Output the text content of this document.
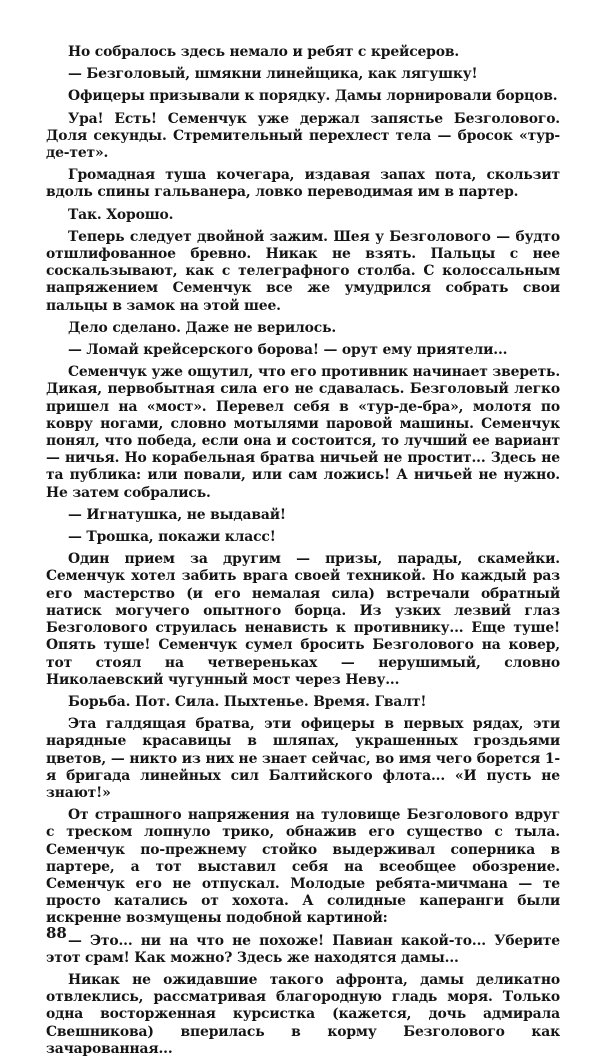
Но собралось здесь немало и ребят с крейсеров.

— Безголовый, шмякни линейщика, как лягушку!

Офицеры призывали к порядку. Дамы лорнировали борцов.

Ура! Есть! Семенчук уже держал запястье Безголового. Доля секунды. Стремительный перехлест тела — бросок «тур-де-тет».

Громадная туша кочегара, издавая запах пота, скользит вдоль спины гальванера, ловко переводимая им в партер.

Так. Хорошо.

Теперь следует двойной зажим. Шея у Безголового — будто отшлифованное бревно. Никак не взять. Пальцы с нее соскальзывают, как с телеграфного столба. С колоссальным напряжением Семенчук все же умудрился собрать свои пальцы в замок на этой шее.

Дело сделано. Даже не верилось.

— Ломай крейсерского борова! — орут ему приятели...

Семенчук уже ощутил, что его противник начинает звереть. Дикая, первобытная сила его не сдавалась. Безголовый легко пришел на «мост». Перевел себя в «тур-де-бра», молотя по ковру ногами, словно мотылями паровой машины. Семенчук понял, что победа, если она и состоится, то лучший ее вариант — ничья. Но корабельная братва ничьей не простит... Здесь не та публика: или повали, или сам ложись! А ничьей не нужно. Не затем собрались.

— Игнатушка, не выдавай!

— Трошка, покажи класс!

Один прием за другим — призы, парады, скамейки. Семенчук хотел забить врага своей техникой. Но каждый раз его мастерство (и его немалая сила) встречали обратный натиск могучего опытного борца. Из узких лезвий глаз Безголового струилась ненависть к противнику... Еще туше! Опять туше! Семенчук сумел бросить Безголового на ковер, тот стоял на четвереньках — нерушимый, словно Николаевский чугунный мост через Неву...

Борьба. Пот. Сила. Пыхтенье. Время. Гвалт!

Эта галдящая братва, эти офицеры в первых рядах, эти нарядные красавицы в шляпах, украшенных гроздьями цветов, — никто из них не знает сейчас, во имя чего борется 1-я бригада линейных сил Балтийского флота... «И пусть не знают!»

От страшного напряжения на туловище Безголового вдруг с треском лопнуло трико, обнажив его существо с тыла. Семенчук по-прежнему стойко выдерживал соперника в партере, а тот выставил себя на всеобщее обозрение. Семенчук его не отпускал. Молодые ребята-мичмана — те просто катались от хохота. А солидные каперанги были искренне возмущены подобной картиной:

— Это... ни на что не похоже! Павиан какой-то... Уберите этот срам! Как можно? Здесь же находятся дамы...

Никак не ожидавшие такого афронта, дамы деликатно отвлеклись, рассматривая благородную гладь моря. Только одна восторженная курсистка (кажется, дочь адмирала Свешникова) вперилась в корму Безголового как зачарованная...

88
